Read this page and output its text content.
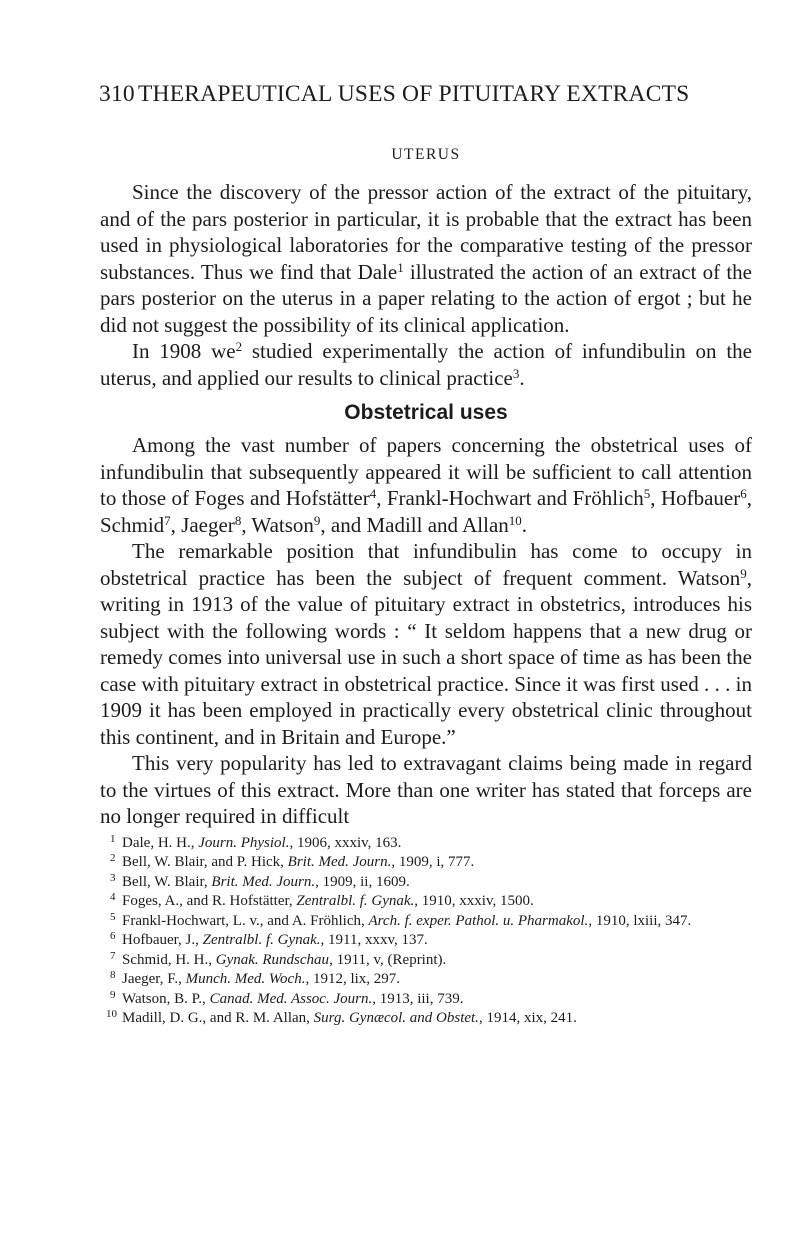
310 THERAPEUTICAL USES OF PITUITARY EXTRACTS
UTERUS

Since the discovery of the pressor action of the extract of the pituitary, and of the pars posterior in particular, it is probable that the extract has been used in physiological laboratories for the comparative testing of the pressor substances. Thus we find that Dale$^1$ illustrated the action of an extract of the pars posterior on the uterus in a paper relating to the action of ergot ; but he did not suggest the possibility of its clinical application.

In 1908 $we^2$ studied experimentally the action of infundibulin on the uterus, and applied our results to clinical practice$^3$.

Obstetrical uses

Among the vast number of papers concerning the obstetrical uses of infundibulin that subsequently appeared it will be sufficient to call attention to those of Foges and Hofstätter$^4$, Frankl-Hochwart and Fröhlich$^5$, Hofbauer$^6$, Schmid$^7$, Jaeger$^8$, Watson$^9$, and Madill and Allan$^{10}$.

The remarkable position that infundibulin has come to occupy in obstetrical practice has been the subject of frequent comment. Watson$^9$, writing in 1913 of the value of pituitary extract in obstetrics, introduces his subject with the following words : “ It seldom happens that a new drug or remedy comes into universal use in such a short space of time as has been the case with pituitary extract in obstetrical practice. Since it was first used . . . in 1909 it has been employed in practically every obstetrical clinic throughout this continent, and in Britain and Europe.”

This very popularity has led to extravagant claims being made in regard to the virtues of this extract. More than one writer has stated that forceps are no longer required in difficult

1 Dale, H. H., Journ. Physiol., 1906, xxxiv, 163.
2 Bell, W. Blair, and P. Hick, Brit. Med. Journ., 1909, i, 777.
3 Bell, W. Blair, Brit. Med. Journ., 1909, ii, 1609.
4 Foges, A., and R. Hofstätter, Zentralbl. f. Gynak., 1910, xxxiv, 1500.
5 Frankl-Hochwart, L. v., and A. Fröhlich, Arch. f. exper. Pathol. u. Pharmakol., 1910, lxiii, 347.
6 Hofbauer, J., Zentralbl. f. Gynak., 1911, xxxv, 137.
7 Schmid, H. H., Gynak. Rundschau, 1911, v, (Reprint).
8 Jaeger, F., Munch. Med. Woch., 1912, lix, 297.
9 Watson, B. P., Canad. Med. Assoc. Journ., 1913, iii, 739.
10 Madill, D. G., and R. M. Allan, Surg. Gynæcol. and Obstet., 1914, xix, 241.
